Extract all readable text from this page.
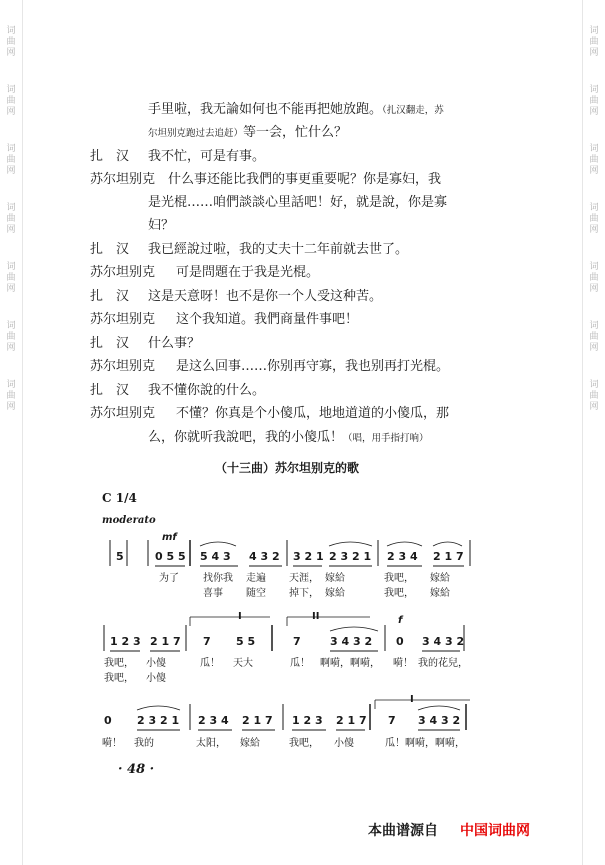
词
曲
网
词
曲
网
词
曲
网
词
曲
网
词
曲
网
词
曲
网
词
曲
网
词
曲
网
词
曲
网
词
曲
网
词
曲
网
词
曲
网
词
曲
网
词
曲
网
手里啦，我无論如何也不能再把她放跑。（扎汉翻走，苏
尔坦别克跑过去追赶）等一会，忙什么？
扎　汉 我不忙，可是有事。
苏尔坦别克 什么事还能比我們的事更重要呢？你是寡妇，我
是光棍……咱們談談心里話吧！好，就是說，你是寡
妇？
扎　汉 我已經說过啦，我的丈夫十二年前就去世了。
苏尔坦别克 可是問題在于我是光棍。
扎　汉 这是天意呀！也不是你一个人受这种苦。
苏尔坦别克 这个我知道。我們商量件事吧！
扎　汉 什么事？
苏尔坦别克 是这么回事……你别再守寡，我也别再打光棍。
扎　汉 我不懂你說的什么。
苏尔坦别克 不懂？你真是个小傻瓜，地地道道的小傻瓜，那
么，你就听我說吧，我的小傻瓜！（唱，用手指打响）
（十三曲）苏尔坦别克的歌
C 1/4
moderato
mf
f
5	0 5 5 5 4 3 4 3 2 3 2 1 2 3 2 1 2 3 4 2 1 7
为了 找你我 走遍 天涯， 嫁給	我吧， 嫁給
喜事 随空 掉下， 嫁給	我吧， 嫁給
I	II
1 2 3 2 1 7 7 5 5	7	3 4 3 2 0 3 4 3 2
我吧， 小傻	瓜！ 天大	瓜！ 啊嗬，啊嗬， 嗬！ 我的花兒，
我吧， 小傻
I
0 2 3 2 1 2 3 4 2 1 7 1 2 3 2 1 7 7 3 4 3 2
嗬！ 我的	太阳， 嫁給	我吧， 小傻	瓜！ 啊嗬，啊嗬，
· 48 ·
本曲谱源自 中国词曲网
